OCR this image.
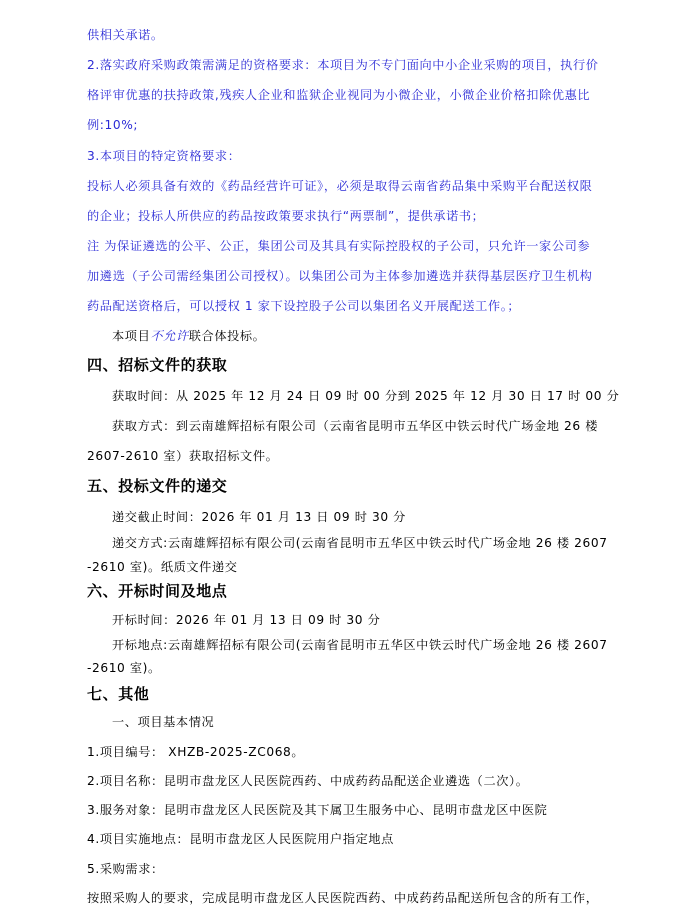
供相关承诺。
2.落实政府采购政策需满足的资格要求：本项目为不专门面向中小企业采购的项目，执行价
格评审优惠的扶持政策,残疾人企业和监狱企业视同为小微企业，小微企业价格扣除优惠比
例:10%;
3.本项目的特定资格要求：
投标人必须具备有效的《药品经营许可证》，必须是取得云南省药品集中采购平台配送权限
的企业；投标人所供应的药品按政策要求执行“两票制”，提供承诺书；
注 为保证遴选的公平、公正，集团公司及其具有实际控股权的子公司，只允许一家公司参
加遴选（子公司需经集团公司授权）。以集团公司为主体参加遴选并获得基层医疗卫生机构
药品配送资格后，可以授权 1 家下设控股子公司以集团名义开展配送工作。；
本项目不允许联合体投标。
四、招标文件的获取
获取时间：从 2025 年 12 月 24 日 09 时 00 分到 2025 年 12 月 30 日 17 时 00 分
获取方式：到云南雄辉招标有限公司（云南省昆明市五华区中铁云时代广场金地 26 楼
2607-2610 室）获取招标文件。
五、投标文件的递交
递交截止时间：2026 年 01 月 13 日 09 时 30 分
递交方式:云南雄辉招标有限公司(云南省昆明市五华区中铁云时代广场金地 26 楼 2607
-2610 室)。纸质文件递交
六、开标时间及地点
开标时间：2026 年 01 月 13 日 09 时 30 分
开标地点:云南雄辉招标有限公司(云南省昆明市五华区中铁云时代广场金地 26 楼 2607
-2610 室)。
七、其他
一、项目基本情况
1.项目编号： XHZB-2025-ZC068。
2.项目名称：昆明市盘龙区人民医院西药、中成药药品配送企业遴选（二次）。
3.服务对象：昆明市盘龙区人民医院及其下属卫生服务中心、昆明市盘龙区中医院
4.项目实施地点：昆明市盘龙区人民医院用户指定地点
5.采购需求：
按照采购人的要求，完成昆明市盘龙区人民医院西药、中成药药品配送所包含的所有工作，
